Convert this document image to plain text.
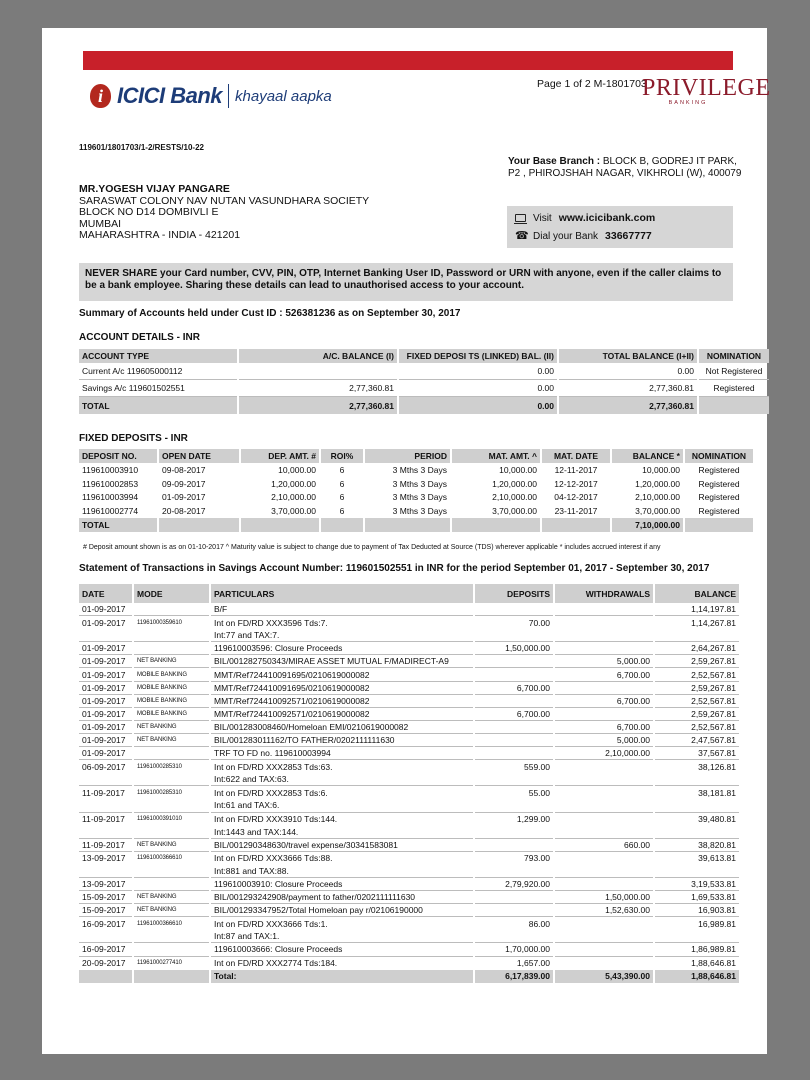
i ICICI Bank khayaal aapka
Page 1 of 2 M-1801703
PRIVILEGE
BANKING
119601/1801703/1-2/RESTS/10-22
Your Base Branch : BLOCK B, GODREJ IT PARK,
P2 , PHIROJSHAH NAGAR, VIKHROLI (W), 400079
MR.YOGESH VIJAY PANGARE
SARASWAT COLONY NAV NUTAN VASUNDHARA SOCIETY
BLOCK NO D14 DOMBIVLI E
MUMBAI
MAHARASHTRA - INDIA - 421201
Visit www.icicibank.com
☎ Dial your Bank 33667777
NEVER SHARE your Card number, CVV, PIN, OTP, Internet Banking User ID, Password or URN with anyone, even if the caller claims to be a bank employee. Sharing these details can lead to unauthorised access to your account.
Summary of Accounts held under Cust ID : 526381236 as on September 30, 2017
ACCOUNT DETAILS - INR
ACCOUNT TYPE	A/C. BALANCE (I)	FIXED DEPOSI TS (LINKED) BAL. (II)	TOTAL BALANCE (I+II)	NOMINATION
Current A/c 119605000112		0.00	0.00	Not Registered
Savings A/c 119601502551	2,77,360.81	0.00	2,77,360.81	Registered
TOTAL	2,77,360.81	0.00	2,77,360.81	
FIXED DEPOSITS - INR
DEPOSIT NO.	OPEN DATE	DEP. AMT. #	ROI%	PERIOD	MAT. AMT. ^	MAT. DATE	BALANCE *	NOMINATION
119610003910	09-08-2017	10,000.00	6	3 Mths 3 Days	10,000.00	12-11-2017	10,000.00	Registered
119610002853	09-09-2017	1,20,000.00	6	3 Mths 3 Days	1,20,000.00	12-12-2017	1,20,000.00	Registered
119610003994	01-09-2017	2,10,000.00	6	3 Mths 3 Days	2,10,000.00	04-12-2017	2,10,000.00	Registered
119610002774	20-08-2017	3,70,000.00	6	3 Mths 3 Days	3,70,000.00	23-11-2017	3,70,000.00	Registered
TOTAL							7,10,000.00	
# Deposit amount shown is as on 01-10-2017 ^ Maturity value is subject to change due to payment of Tax Deducted at Source (TDS) wherever applicable * includes accrued interest if any
Statement of Transactions in Savings Account Number: 119601502551 in INR for the period September 01, 2017 - September 30, 2017
DATE	MODE	PARTICULARS	DEPOSITS	WITHDRAWALS	BALANCE
01-09-2017		B/F			1,14,197.81
01-09-2017	11961000359610	Int on FD/RD XXX3596 Tds:7.	70.00		1,14,267.81
		Int:77 and TAX:7.			
01-09-2017		119610003596: Closure Proceeds	1,50,000.00		2,64,267.81
01-09-2017	NET BANKING	BIL/001282750343/MIRAE ASSET MUTUAL F/MADIRECT-A9		5,000.00	2,59,267.81
01-09-2017	MOBILE BANKING	MMT/Ref724410091695/0210619000082		6,700.00	2,52,567.81
01-09-2017	MOBILE BANKING	MMT/Ref724410091695/0210619000082	6,700.00		2,59,267.81
01-09-2017	MOBILE BANKING	MMT/Ref724410092571/0210619000082		6,700.00	2,52,567.81
01-09-2017	MOBILE BANKING	MMT/Ref724410092571/0210619000082	6,700.00		2,59,267.81
01-09-2017	NET BANKING	BIL/001283008460/Homeloan EMI/0210619000082		6,700.00	2,52,567.81
01-09-2017	NET BANKING	BIL/001283011162/TO FATHER/0202111111630		5,000.00	2,47,567.81
01-09-2017		TRF TO FD no. 119610003994		2,10,000.00	37,567.81
06-09-2017	11961000285310	Int on FD/RD XXX2853 Tds:63.	559.00		38,126.81
		Int:622 and TAX:63.			
11-09-2017	11961000285310	Int on FD/RD XXX2853 Tds:6.	55.00		38,181.81
		Int:61 and TAX:6.			
11-09-2017	11961000391010	Int on FD/RD XXX3910 Tds:144.	1,299.00		39,480.81
		Int:1443 and TAX:144.			
11-09-2017	NET BANKING	BIL/001290348630/travel expense/30341583081		660.00	38,820.81
13-09-2017	11961000366610	Int on FD/RD XXX3666 Tds:88.	793.00		39,613.81
		Int:881 and TAX:88.			
13-09-2017		119610003910: Closure Proceeds	2,79,920.00		3,19,533.81
15-09-2017	NET BANKING	BIL/001293242908/payment to father/0202111111630		1,50,000.00	1,69,533.81
15-09-2017	NET BANKING	BIL/001293347952/Total Homeloan pay r/02106190000		1,52,630.00	16,903.81
16-09-2017	11961000366610	Int on FD/RD XXX3666 Tds:1.	86.00		16,989.81
		Int:87 and TAX:1.			
16-09-2017		119610003666: Closure Proceeds	1,70,000.00		1,86,989.81
20-09-2017	11961000277410	Int on FD/RD XXX2774 Tds:184.	1,657.00		1,88,646.81
		Total:	6,17,839.00	5,43,390.00	1,88,646.81
